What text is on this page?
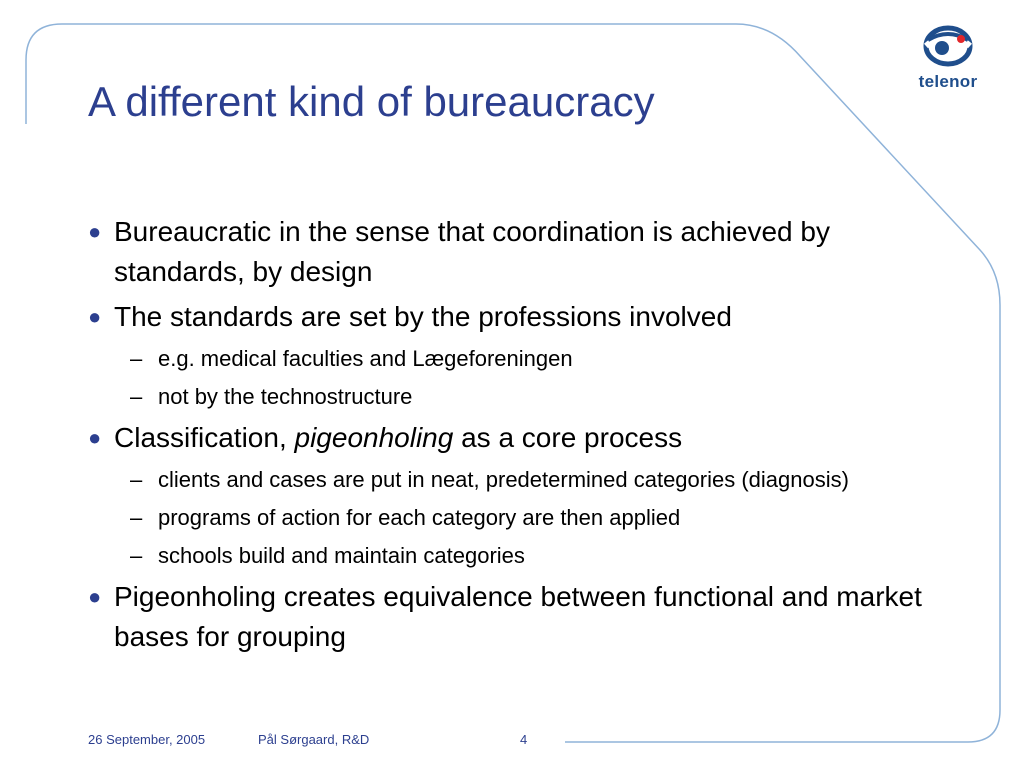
telenor
A different kind of bureaucracy
● Bureaucratic in the sense that coordination is achieved by standards, by design
● The standards are set by the professions involved
– e.g. medical faculties and Lægeforeningen
– not by the technostructure
● Classification, pigeonholing as a core process
– clients and cases are put in neat, predetermined categories (diagnosis)
– programs of action for each category are then applied
– schools build and maintain categories
● Pigeonholing creates equivalence between functional and market bases for grouping
26 September, 2005	Pål Sørgaard, R&D	4
